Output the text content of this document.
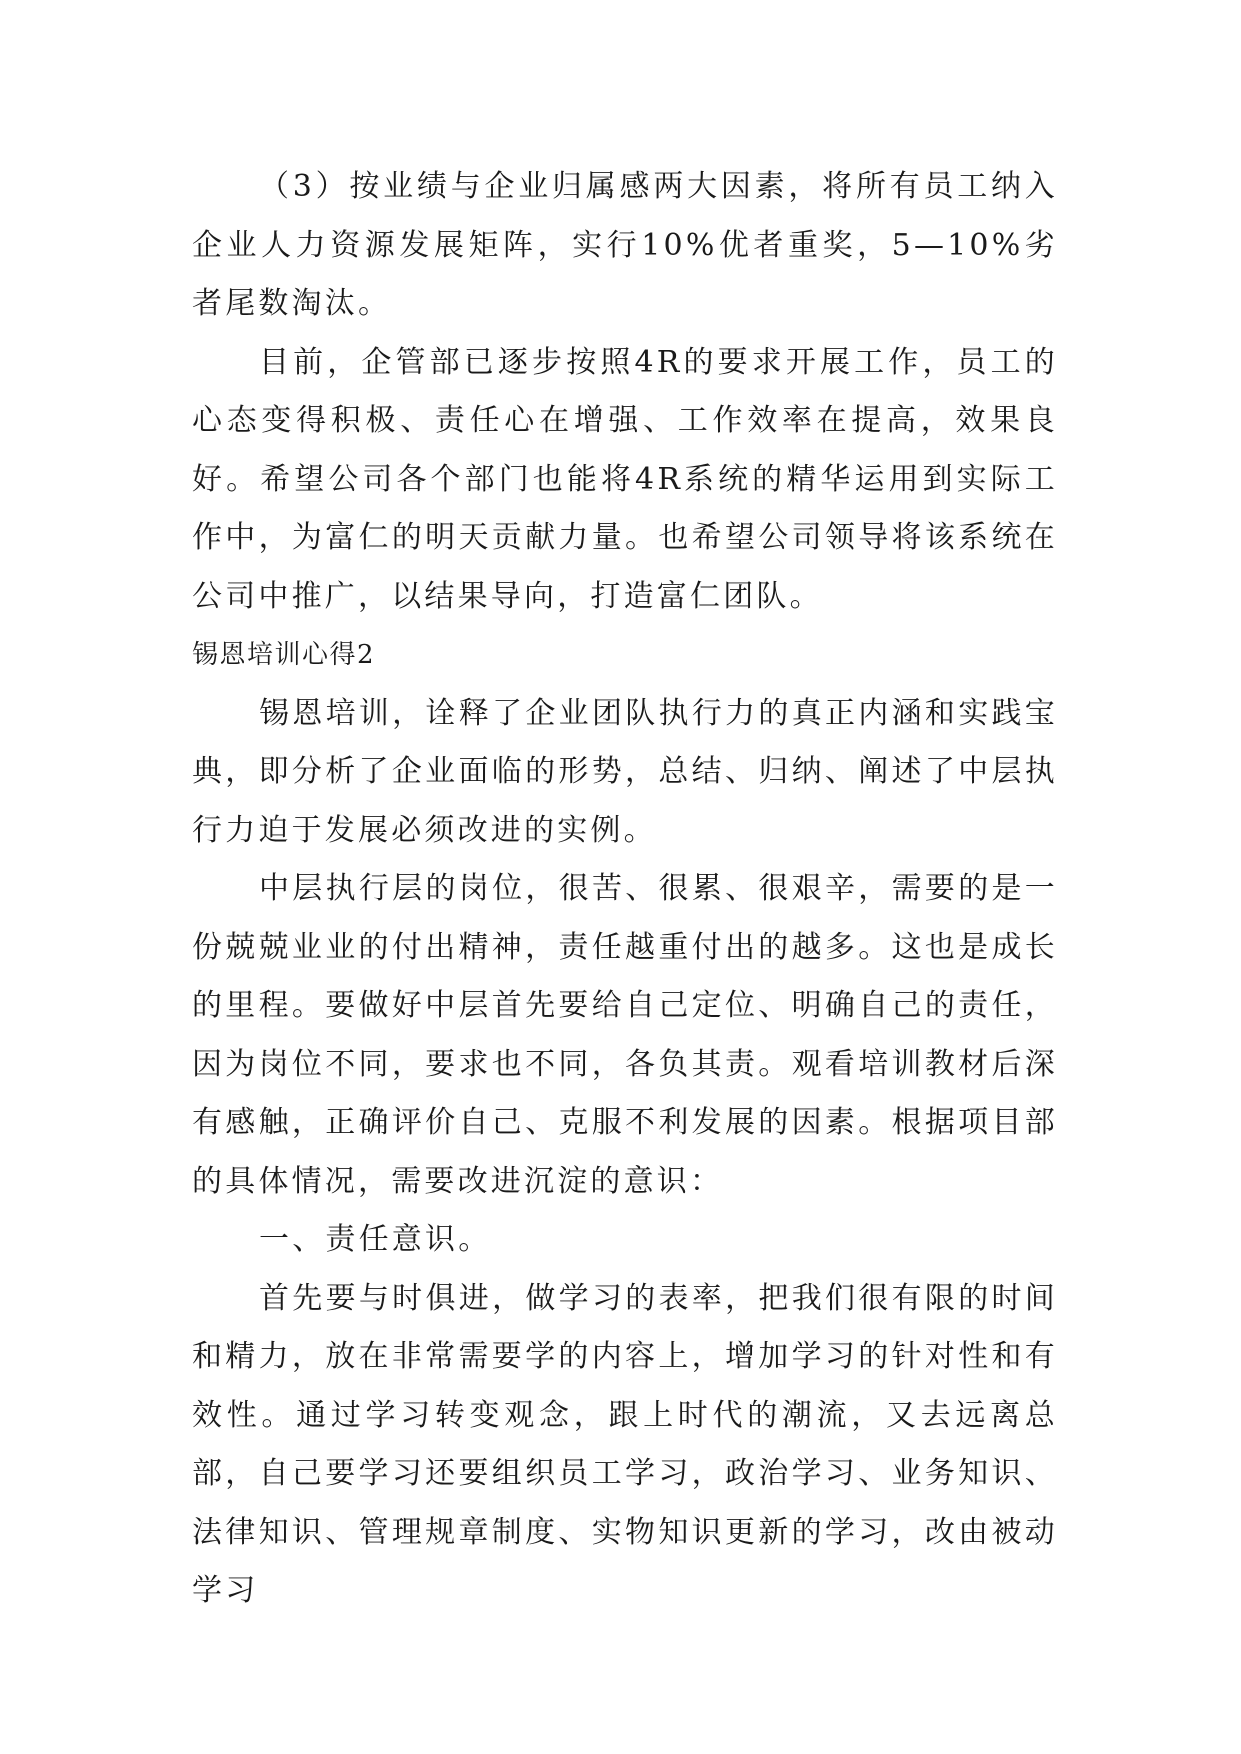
（3）按业绩与企业归属感两大因素，将所有员工纳入企业人力资源发展矩阵，实行10%优者重奖，5—10%劣者尾数淘汰。

目前，企管部已逐步按照4R的要求开展工作，员工的心态变得积极、责任心在增强、工作效率在提高，效果良好。希望公司各个部门也能将4R系统的精华运用到实际工作中，为富仁的明天贡献力量。也希望公司领导将该系统在公司中推广，以结果导向，打造富仁团队。

锡恩培训心得2

锡恩培训，诠释了企业团队执行力的真正内涵和实践宝典，即分析了企业面临的形势，总结、归纳、阐述了中层执行力迫于发展必须改进的实例。

中层执行层的岗位，很苦、很累、很艰辛，需要的是一份兢兢业业的付出精神，责任越重付出的越多。这也是成长的里程。要做好中层首先要给自己定位、明确自己的责任，因为岗位不同，要求也不同，各负其责。观看培训教材后深有感触，正确评价自己、克服不利发展的因素。根据项目部的具体情况，需要改进沉淀的意识：

一、责任意识。

首先要与时俱进，做学习的表率，把我们很有限的时间和精力，放在非常需要学的内容上，增加学习的针对性和有效性。通过学习转变观念，跟上时代的潮流，又去远离总部，自己要学习还要组织员工学习，政治学习、业务知识、法律知识、管理规章制度、实物知识更新的学习，改由被动学习
